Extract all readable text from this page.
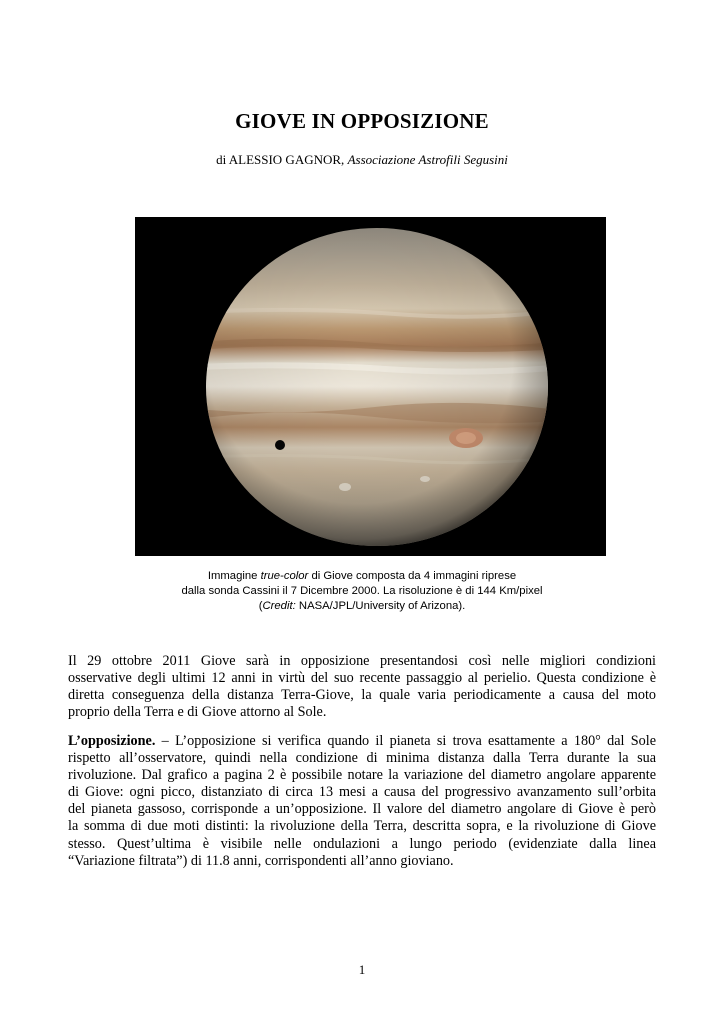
GIOVE IN OPPOSIZIONE
di ALESSIO GAGNOR, Associazione Astrofili Segusini
Immagine true-color di Giove composta da 4 immagini riprese
dalla sonda Cassini il 7 Dicembre 2000. La risoluzione è di 144 Km/pixel
(Credit: NASA/JPL/University of Arizona).
Il 29 ottobre 2011 Giove sarà in opposizione presentandosi così nelle migliori condizioni
osservative degli ultimi 12 anni in virtù del suo recente passaggio al perielio. Questa condizione è
diretta conseguenza della distanza Terra-Giove, la quale varia periodicamente a causa del moto
proprio della Terra e di Giove attorno al Sole.
L’opposizione. – L’opposizione si verifica quando il pianeta si trova esattamente a 180° dal Sole
rispetto all’osservatore, quindi nella condizione di minima distanza dalla Terra durante la sua
rivoluzione. Dal grafico a pagina 2 è possibile notare la variazione del diametro angolare apparente
di Giove: ogni picco, distanziato di circa 13 mesi a causa del progressivo avanzamento sull’orbita
del pianeta gassoso, corrisponde a un’opposizione. Il valore del diametro angolare di Giove è però
la somma di due moti distinti: la rivoluzione della Terra, descritta sopra, e la rivoluzione di Giove
stesso. Quest’ultima è visibile nelle ondulazioni a lungo periodo (evidenziate dalla linea
“Variazione filtrata”) di 11.8 anni, corrispondenti all’anno gioviano.
1
